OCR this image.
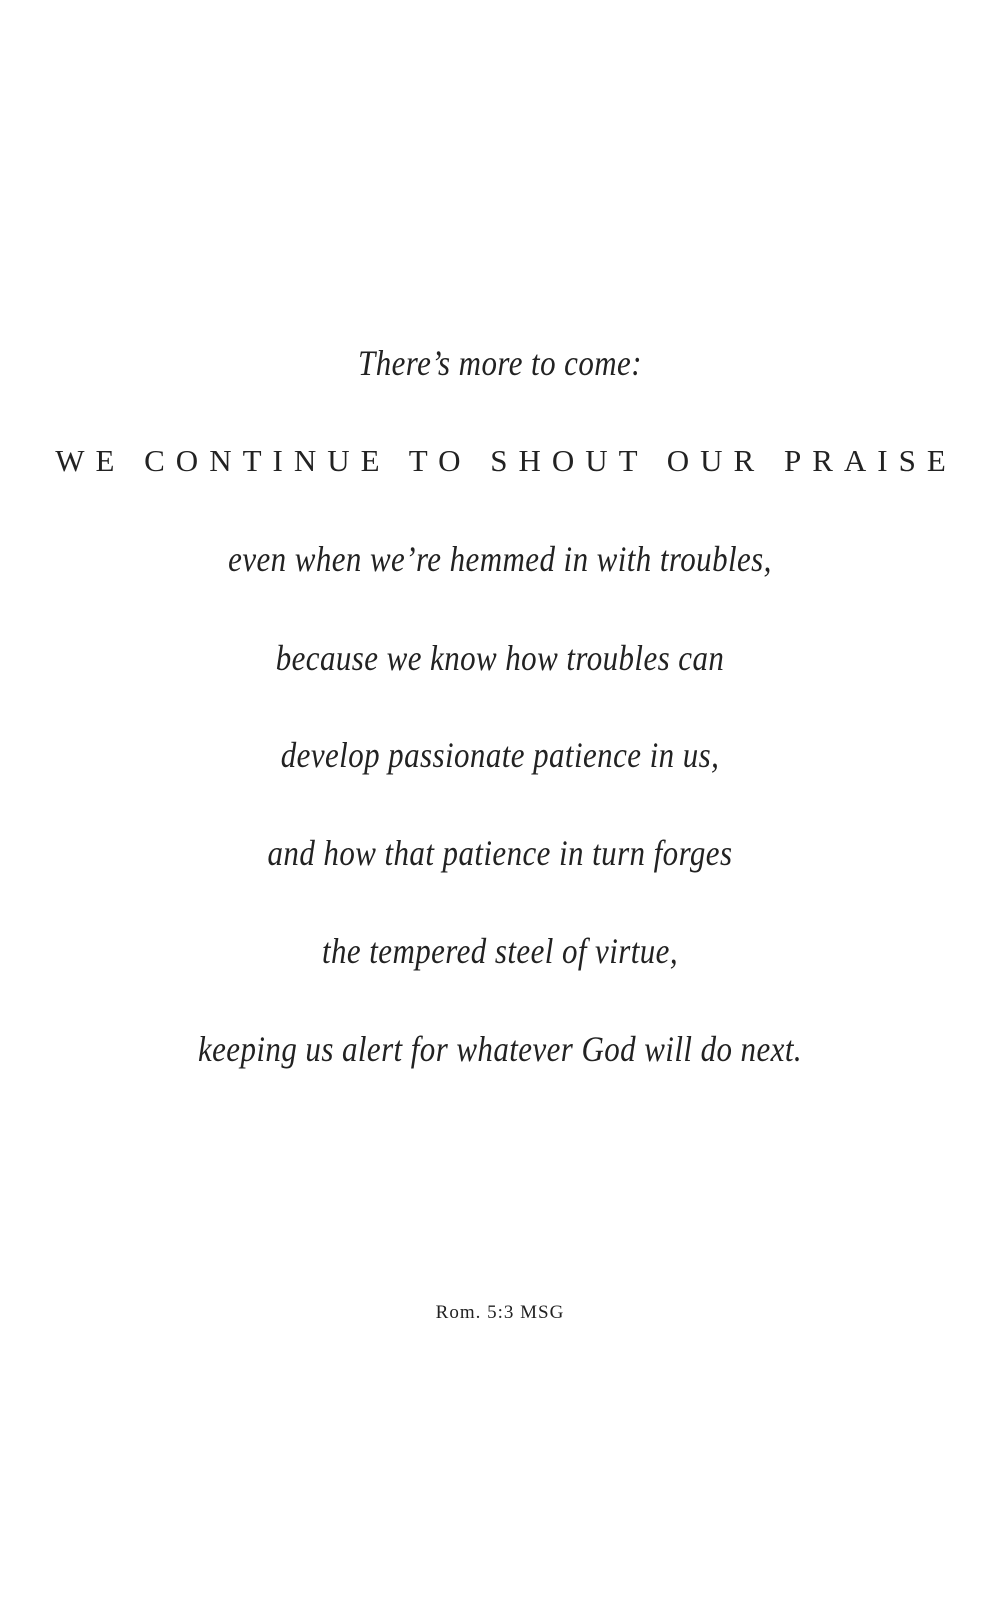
There’s more to come:

WE CONTINUE TO SHOUT OUR PRAISE

even when we’re hemmed in with troubles,

because we know how troubles can

develop passionate patience in us,

and how that patience in turn forges

the tempered steel of virtue,

keeping us alert for whatever God will do next.

Rom. 5:3 MSG
